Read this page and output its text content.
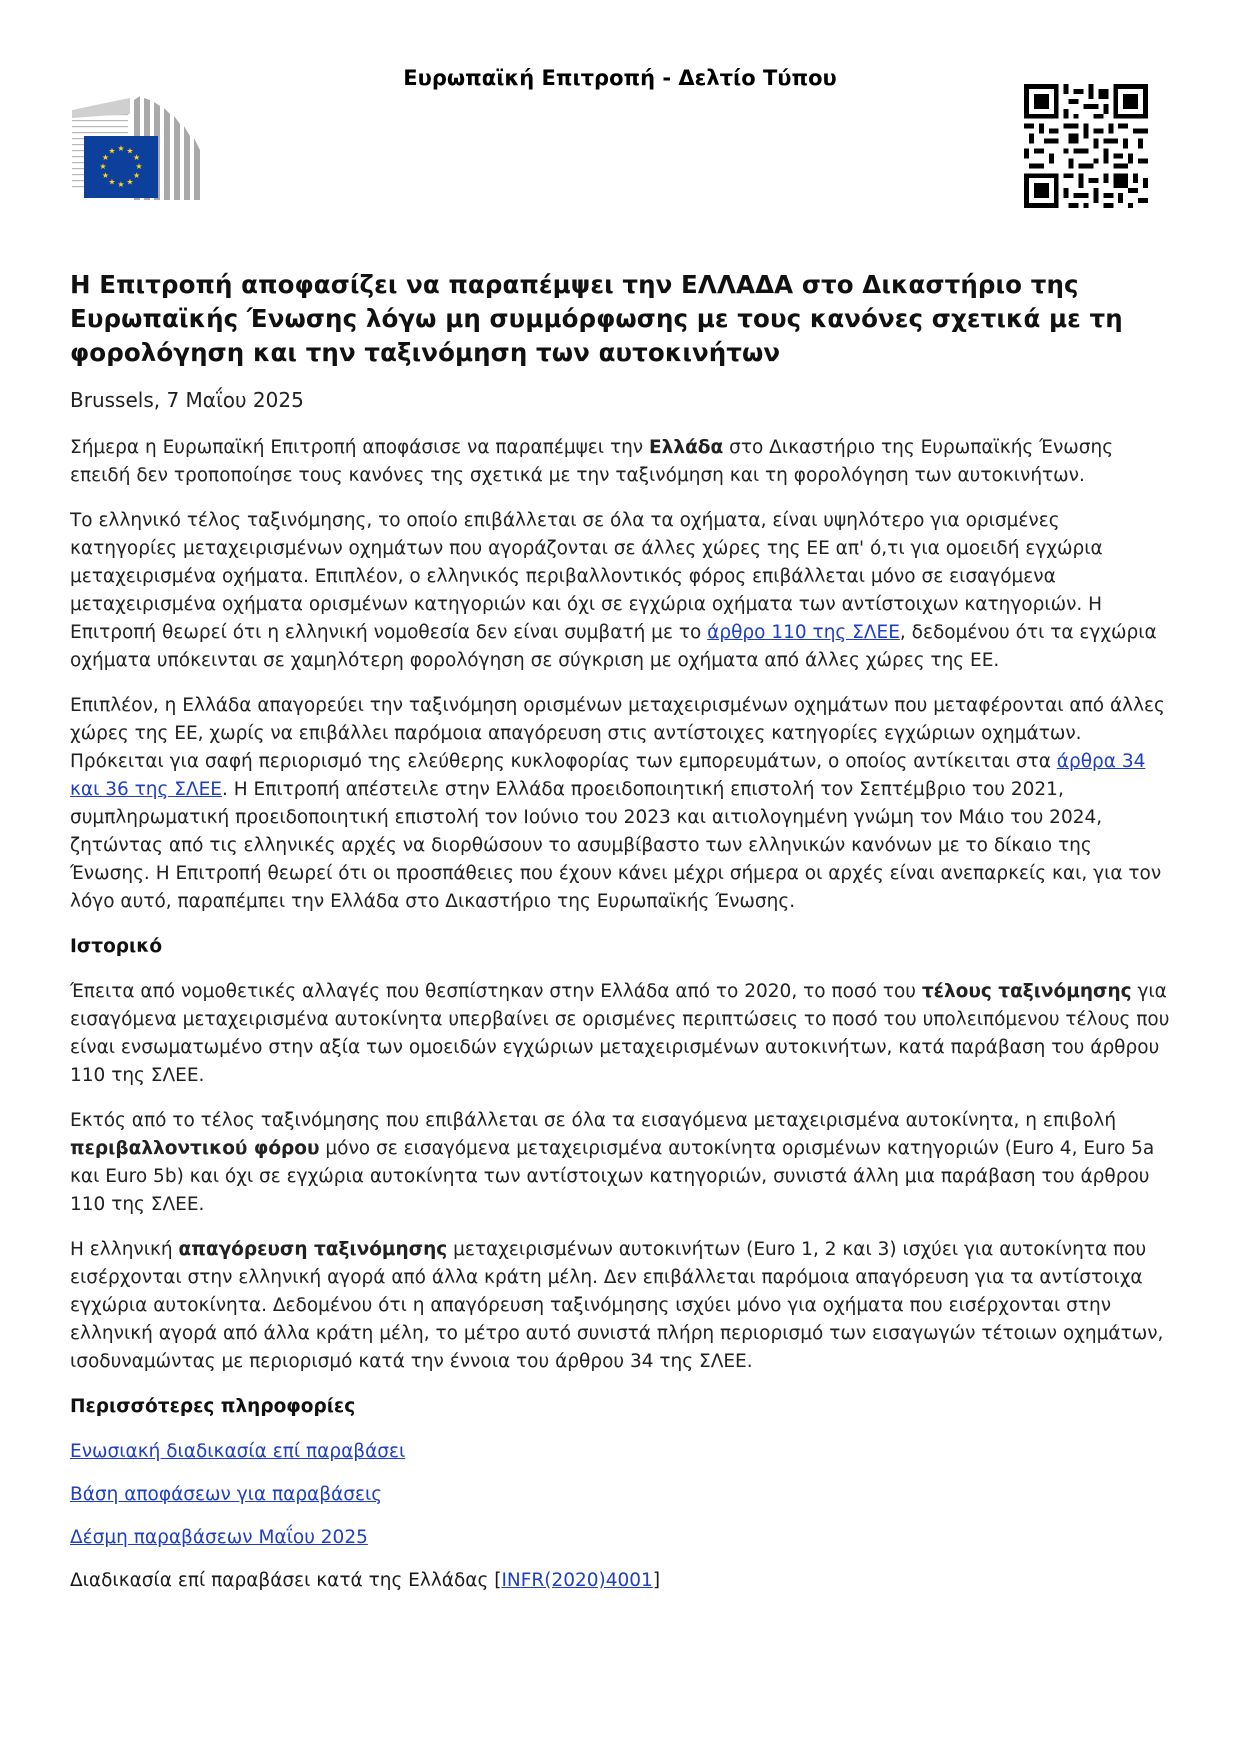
Ευρωπαϊκή Επιτροπή - Δελτίο Τύπου
★ ★
★
★
★
★
★
★
★
★
★
★
Η Επιτροπή αποφασίζει να παραπέμψει την ΕΛΛΑΔΑ στο Δικαστήριο της Ευρωπαϊκής Ένωσης λόγω μη συμμόρφωσης με τους κανόνες σχετικά με τη φορολόγηση και την ταξινόμηση των αυτοκινήτων
Brussels, 7 Μαΐου 2025

Σήμερα η Ευρωπαϊκή Επιτροπή αποφάσισε να παραπέμψει την Ελλάδα στο Δικαστήριο της Ευρωπαϊκής Ένωσης επειδή δεν τροποποίησε τους κανόνες της σχετικά με την ταξινόμηση και τη φορολόγηση των αυτοκινήτων.

Το ελληνικό τέλος ταξινόμησης, το οποίο επιβάλλεται σε όλα τα οχήματα, είναι υψηλότερο για ορισμένες κατηγορίες μεταχειρισμένων οχημάτων που αγοράζονται σε άλλες χώρες της ΕΕ απ' ό,τι για ομοειδή εγχώρια μεταχειρισμένα οχήματα. Επιπλέον, ο ελληνικός περιβαλλοντικός φόρος επιβάλλεται μόνο σε εισαγόμενα μεταχειρισμένα οχήματα ορισμένων κατηγοριών και όχι σε εγχώρια οχήματα των αντίστοιχων κατηγοριών. Η Επιτροπή θεωρεί ότι η ελληνική νομοθεσία δεν είναι συμβατή με το άρθρο 110 της ΣΛΕΕ, δεδομένου ότι τα εγχώρια οχήματα υπόκεινται σε χαμηλότερη φορολόγηση σε σύγκριση με οχήματα από άλλες χώρες της ΕΕ.

Επιπλέον, η Ελλάδα απαγορεύει την ταξινόμηση ορισμένων μεταχειρισμένων οχημάτων που μεταφέρονται από άλλες χώρες της ΕΕ, χωρίς να επιβάλλει παρόμοια απαγόρευση στις αντίστοιχες κατηγορίες εγχώριων οχημάτων. Πρόκειται για σαφή περιορισμό της ελεύθερης κυκλοφορίας των εμπορευμάτων, ο οποίος αντίκειται στα άρθρα 34 και 36 της ΣΛΕΕ. Η Επιτροπή απέστειλε στην Ελλάδα προειδοποιητική επιστολή τον Σεπτέμβριο του 2021, συμπληρωματική προειδοποιητική επιστολή τον Ιούνιο του 2023 και αιτιολογημένη γνώμη τον Μάιο του 2024, ζητώντας από τις ελληνικές αρχές να διορθώσουν το ασυμβίβαστο των ελληνικών κανόνων με το δίκαιο της Ένωσης. Η Επιτροπή θεωρεί ότι οι προσπάθειες που έχουν κάνει μέχρι σήμερα οι αρχές είναι ανεπαρκείς και, για τον λόγο αυτό, παραπέμπει την Ελλάδα στο Δικαστήριο της Ευρωπαϊκής Ένωσης.

Ιστορικό

Έπειτα από νομοθετικές αλλαγές που θεσπίστηκαν στην Ελλάδα από το 2020, το ποσό του τέλους ταξινόμησης για εισαγόμενα μεταχειρισμένα αυτοκίνητα υπερβαίνει σε ορισμένες περιπτώσεις το ποσό του υπολειπόμενου τέλους που είναι ενσωματωμένο στην αξία των ομοειδών εγχώριων μεταχειρισμένων αυτοκινήτων, κατά παράβαση του άρθρου 110 της ΣΛΕΕ.

Εκτός από το τέλος ταξινόμησης που επιβάλλεται σε όλα τα εισαγόμενα μεταχειρισμένα αυτοκίνητα, η επιβολή περιβαλλοντικού φόρου μόνο σε εισαγόμενα μεταχειρισμένα αυτοκίνητα ορισμένων κατηγοριών (Euro 4, Euro 5a και Euro 5b) και όχι σε εγχώρια αυτοκίνητα των αντίστοιχων κατηγοριών, συνιστά άλλη μια παράβαση του άρθρου 110 της ΣΛΕΕ.

Η ελληνική απαγόρευση ταξινόμησης μεταχειρισμένων αυτοκινήτων (Euro 1, 2 και 3) ισχύει για αυτοκίνητα που εισέρχονται στην ελληνική αγορά από άλλα κράτη μέλη. Δεν επιβάλλεται παρόμοια απαγόρευση για τα αντίστοιχα εγχώρια αυτοκίνητα. Δεδομένου ότι η απαγόρευση ταξινόμησης ισχύει μόνο για οχήματα που εισέρχονται στην ελληνική αγορά από άλλα κράτη μέλη, το μέτρο αυτό συνιστά πλήρη περιορισμό των εισαγωγών τέτοιων οχημάτων, ισοδυναμώντας με περιορισμό κατά την έννοια του άρθρου 34 της ΣΛΕΕ.

Περισσότερες πληροφορίες
Ενωσιακή διαδικασία επί παραβάσει
Βάση αποφάσεων για παραβάσεις
Δέσμη παραβάσεων Μαΐου 2025
Διαδικασία επί παραβάσει κατά της Ελλάδας [INFR(2020)4001]
